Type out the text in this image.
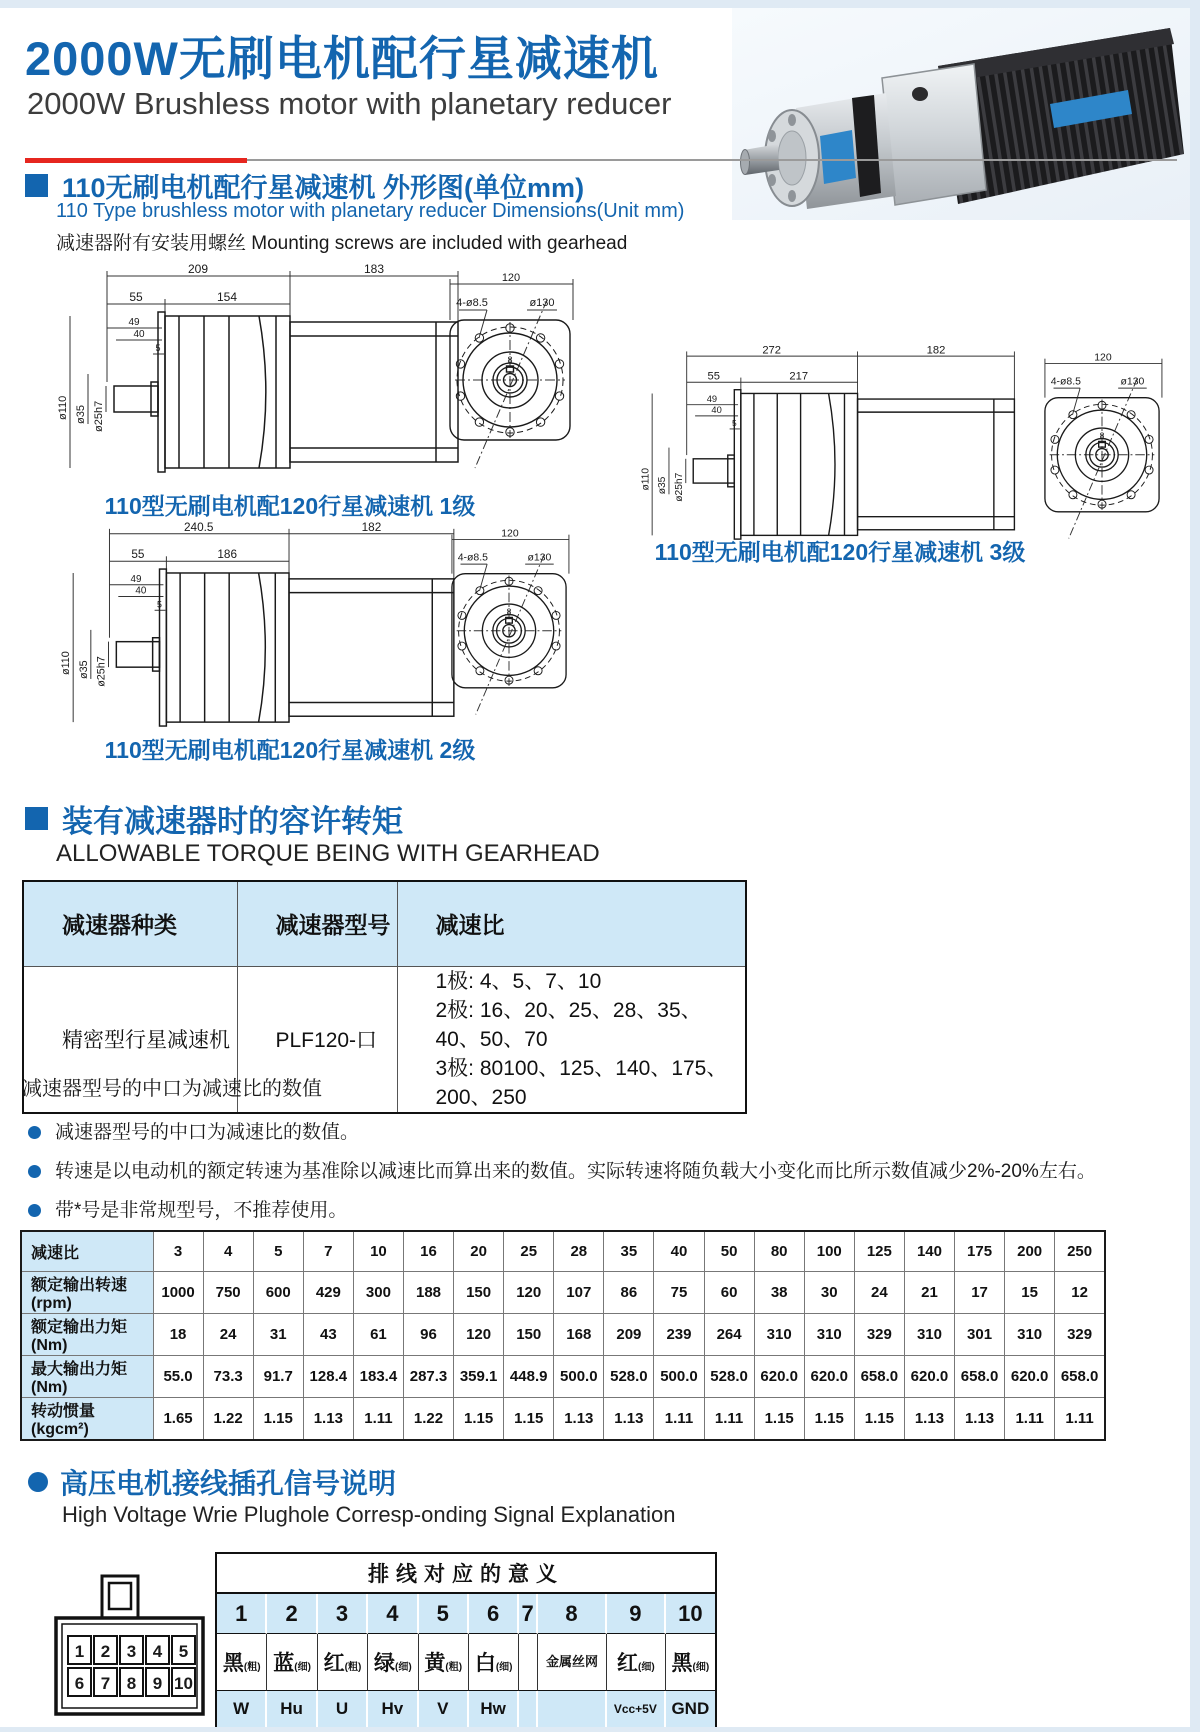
2000W无刷电机配行星减速机
2000W Brushless motor with planetary reducer
110无刷电机配行星减速机 外形图(单位mm)
110 Type brushless motor with planetary reducer Dimensions(Unit mm)
减速器附有安装用螺丝 Mounting screws are included with gearhead
209	183
55	154
49
40
5
ø110 ø35 ø25h7
120
4-ø8.5	ø130
8
110型无刷电机配120行星减速机 1级
272	182
55	217
49
40
5
ø110 ø35 ø25h7
120
4-ø8.5	ø130
8
110型无刷电机配120行星减速机 3级
240.5	182
55	186
49
40
5
ø110 ø35 ø25h7
120
4-ø8.5	ø130
8
110型无刷电机配120行星减速机 2级
装有减速器时的容许转矩
ALLOWABLE TORQUE BEING WITH GEARHEAD
减速器种类	减速器型号	减速比
精密型行星减速机	PLF120-口	1极: 4、5、7、10
2极: 16、20、25、28、35、40、50、70
3极: 80100、125、140、175、200、250
减速器型号的中口为减速比的数值
减速器型号的中口为减速比的数值。
转速是以电动机的额定转速为基准除以减速比而算出来的数值。实际转速将随负载大小变化而比所示数值减少2%-20%左右。
带*号是非常规型号，不推荐使用。
减速比	3	4	5	7	10	16	20	25	28	35	40	50	80	100	125	140	175	200	250
额定输出转速(rpm)	1000	750	600	429	300	188	150	120	107	86	75	60	38	30	24	21	17	15	12
额定输出力矩(Nm)	18	24	31	43	61	96	120	150	168	209	239	264	310	310	329	310	301	310	329
最大输出力矩(Nm)	55.0	73.3	91.7	128.4	183.4	287.3	359.1	448.9	500.0	528.0	500.0	528.0	620.0	620.0	658.0	620.0	658.0	620.0	658.0
转动惯量(kgcm²)	1.65	1.22	1.15	1.13	1.11	1.22	1.15	1.15	1.13	1.13	1.11	1.11	1.15	1.15	1.15	1.13	1.13	1.11	1.11
高压电机接线插孔信号说明
High Voltage Wrie Plughole Corresp-onding Signal Explanation
1 2 3 4 5
6 7 8 9 10
排线对应的意义									
1	2	3	4	5	6	7	8	9	10
黑(粗)	蓝(细)	红(粗)	绿(细)	黄(粗)	白(细)		金属丝网	红(细)	黑(细)
W	Hu	U	Hv	V	Hw			Vcc+5V	GND
